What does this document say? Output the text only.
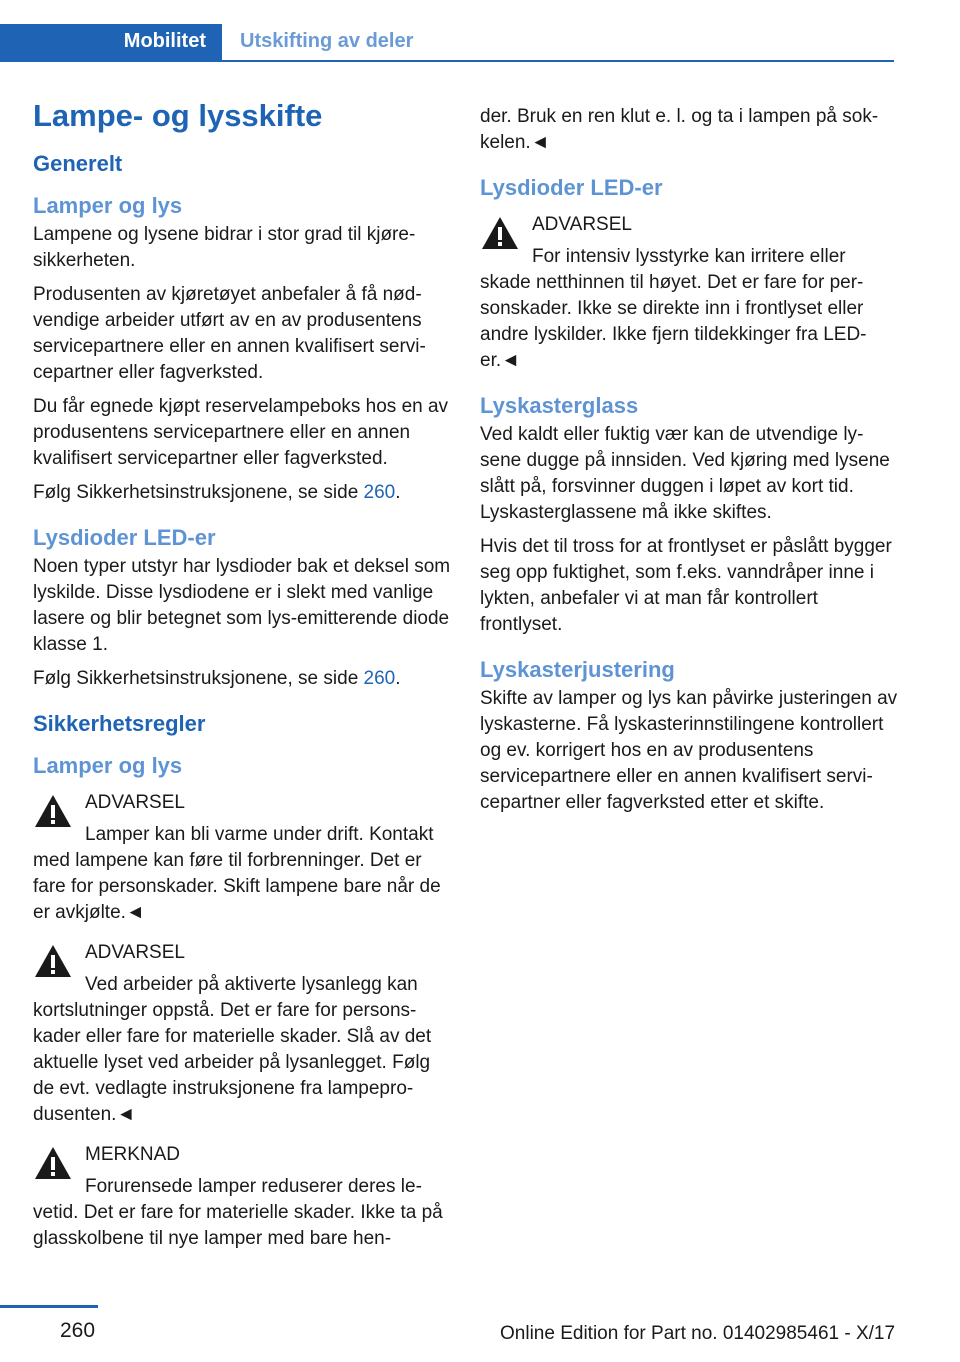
Mobilitet Utskifting av deler
Lampe- og lysskifte
Generelt
Lamper og lys

Lampene og lysene bidrar i stor grad til kjøresikkerheten.

Produsenten av kjøretøyet anbefaler å få nødvendige arbeider utført av en av produsentens servicepartnere eller en annen kvalifisert servicepartner eller fagverksted.

Du får egnede kjøpt reservelampeboks hos en av produsentens servicepartnere eller en annen kvalifisert servicepartner eller fagverksted.

Følg Sikkerhetsinstruksjonene, se side 260.

Lysdioder LED-er

Noen typer utstyr har lysdioder bak et deksel som lyskilde. Disse lysdiodene er i slekt med vanlige lasere og blir betegnet som lys-emitterende diode klasse 1.

Følg Sikkerhetsinstruksjonene, se side 260.

Sikkerhetsregler
Lamper og lys
ADVARSEL

Lamper kan bli varme under drift. Kontakt med lampene kan føre til forbrenninger. Det er fare for personskader. Skift lampene bare når de er avkjølte.◄

ADVARSEL

Ved arbeider på aktiverte lysanlegg kan kortslutninger oppstå. Det er fare for personskader eller fare for materielle skader. Slå av det aktuelle lyset ved arbeider på lysanlegget. Følg de evt. vedlagte instruksjonene fra lampeprodusenten.◄

MERKNAD

Forurensede lamper reduserer deres levetid. Det er fare for materielle skader. Ikke ta på glasskolbene til nye lamper med bare hen-

der. Bruk en ren klut e. l. og ta i lampen på sokkelen.◄

Lysdioder LED-er
ADVARSEL

For intensiv lysstyrke kan irritere eller skade netthinnen til høyet. Det er fare for personskader. Ikke se direkte inn i frontlyset eller andre lyskilder. Ikke fjern tildekkinger fra LED-er.◄

Lyskasterglass

Ved kaldt eller fuktig vær kan de utvendige lysene dugge på innsiden. Ved kjøring med lysene slått på, forsvinner duggen i løpet av kort tid. Lyskasterglassene må ikke skiftes.

Hvis det til tross for at frontlyset er påslått bygger seg opp fuktighet, som f.eks. vanndråper inne i lykten, anbefaler vi at man får kontrollert frontlyset.

Lyskasterjustering

Skifte av lamper og lys kan påvirke justeringen av lyskasterne. Få lyskasterinnstilingene kontrollert og ev. korrigert hos en av produsentens servicepartnere eller en annen kvalifisert servicepartner eller fagverksted etter et skifte.

260	Online Edition for Part no. 01402985461 - X/17
